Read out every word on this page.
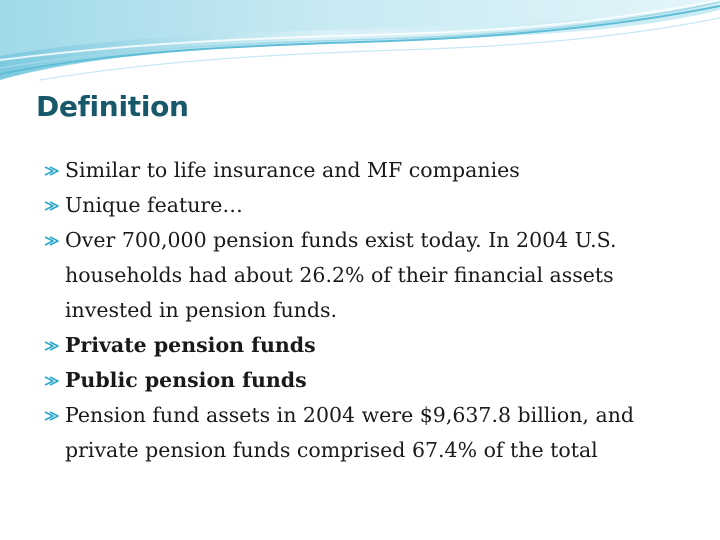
Definition
Similar to life insurance and MF companies
Unique feature…
Over 700,000 pension funds exist today. In 2004 U.S. households had about 26.2% of their financial assets invested in pension funds.
Private pension funds
Public pension funds
Pension fund assets in 2004 were $9,637.8 billion, and private pension funds comprised 67.4% of the total
